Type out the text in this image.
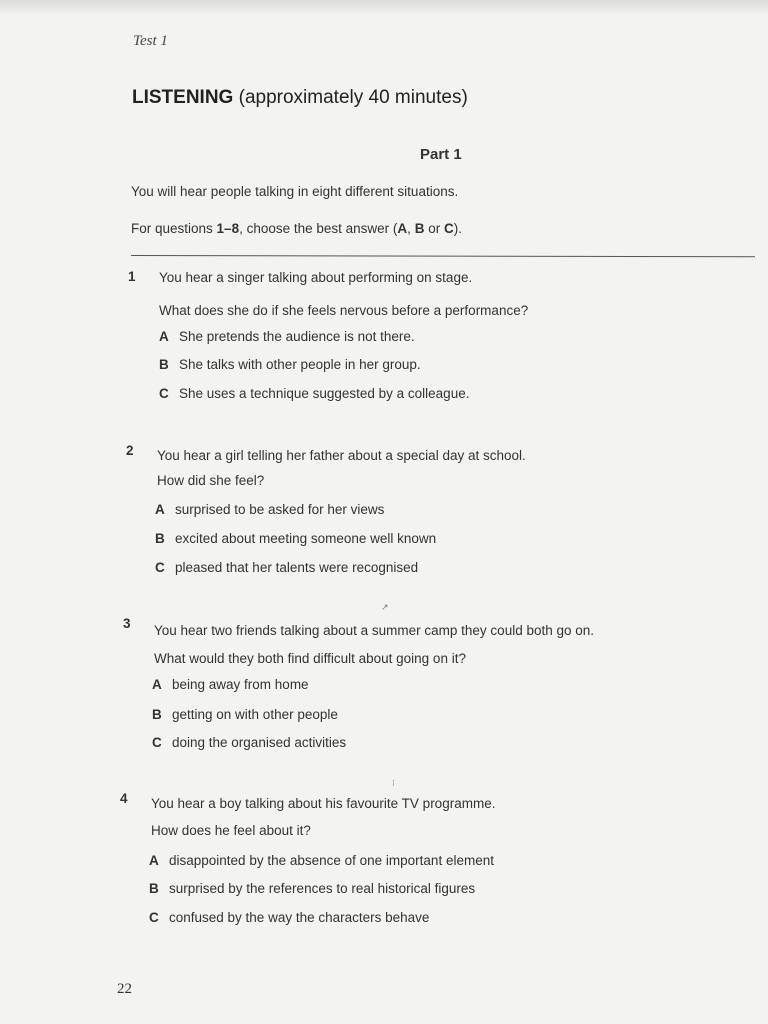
Test 1
LISTENING (approximately 40 minutes)
Part 1
You will hear people talking in eight different situations.
For questions 1–8, choose the best answer (A, B or C).
1 You hear a singer talking about performing on stage.
What does she do if she feels nervous before a performance?
A She pretends the audience is not there.
B She talks with other people in her group.
C She uses a technique suggested by a colleague.
2 You hear a girl telling her father about a special day at school.
How did she feel?
A surprised to be asked for her views
B excited about meeting someone well known
C pleased that her talents were recognised
↗
3 You hear two friends talking about a summer camp they could both go on.
What would they both find difficult about going on it?
A being away from home
B getting on with other people
C doing the organised activities
⁝
4 You hear a boy talking about his favourite TV programme.
How does he feel about it?
A disappointed by the absence of one important element
B surprised by the references to real historical figures
C confused by the way the characters behave
22
